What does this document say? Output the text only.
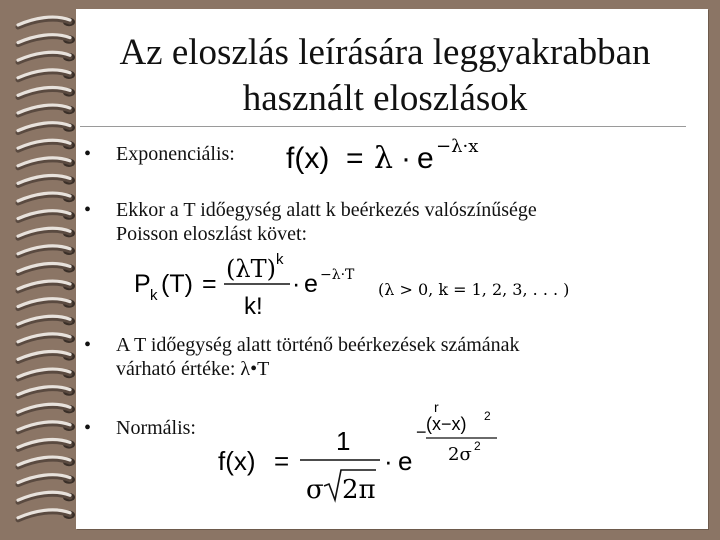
Az eloszlás leírására leggyakrabban
használt eloszlások
• Exponenciális: f(x) = λ · e −λ·x
• Ekkor a T időegység alatt k beérkezés valószínűsége
Poisson eloszlást követ:
P k (T) =
(λT) k
k!
· e −λ·T
(λ > 0, k = 1, 2, 3, . . . )
• A T időegység alatt történő beérkezések számának
várható értéke: λ•T
• Normális:
f(x) =
1
σ 2π
· e
−
r
(x−x) 2
2σ 2
